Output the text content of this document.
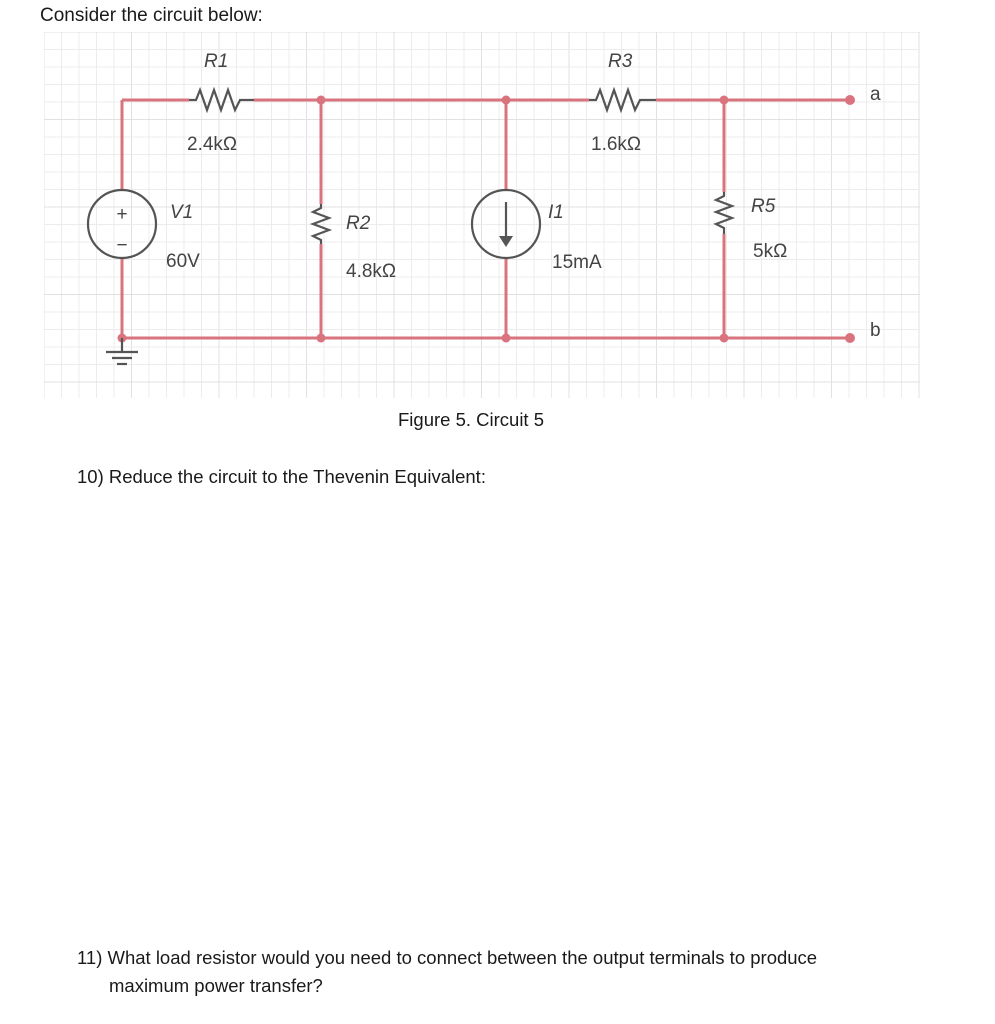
Consider the circuit below:
+
−
R1
2.4kΩ
R3
1.6kΩ
V1
60V
R2
4.8kΩ
I1
15mA
R5
5kΩ
a
b
Figure 5. Circuit 5
10) Reduce the circuit to the Thevenin Equivalent:
11) What load resistor would you need to connect between the output terminals to produce
maximum power transfer?
